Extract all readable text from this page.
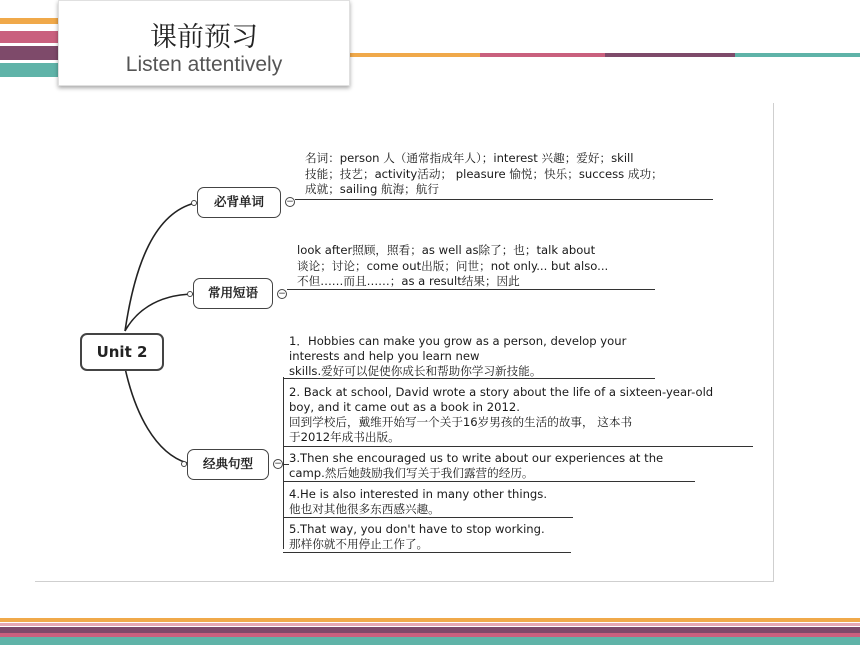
课前预习
Listen attentively
Unit 2
必背单词	−
名词：person 人（通常指成年人）；interest 兴趣；爱好；skill
技能；技艺；activity活动； pleasure 愉悦；快乐；success 成功；
成就；sailing 航海；航行
常用短语	−
look after照顾，照看；as well as除了；也；talk about
谈论；讨论；come out出版；问世；not only... but also...
不但……而且……；as a result结果；因此
经典句型	−
1．Hobbies can make you grow as a person, develop your
interests and help you learn new
skills.爱好可以促使你成长和帮助你学习新技能。
2. Back at school, David wrote a story about the life of a sixteen-year-old
boy, and it came out as a book in 2012.
回到学校后，戴维开始写一个关于16岁男孩的生活的故事， 这本书
于2012年成书出版。
3.Then she encouraged us to write about our experiences at the
camp.然后她鼓励我们写关于我们露营的经历。
4.He is also interested in many other things.
他也对其他很多东西感兴趣。
5.That way, you don't have to stop working.
那样你就不用停止工作了。
